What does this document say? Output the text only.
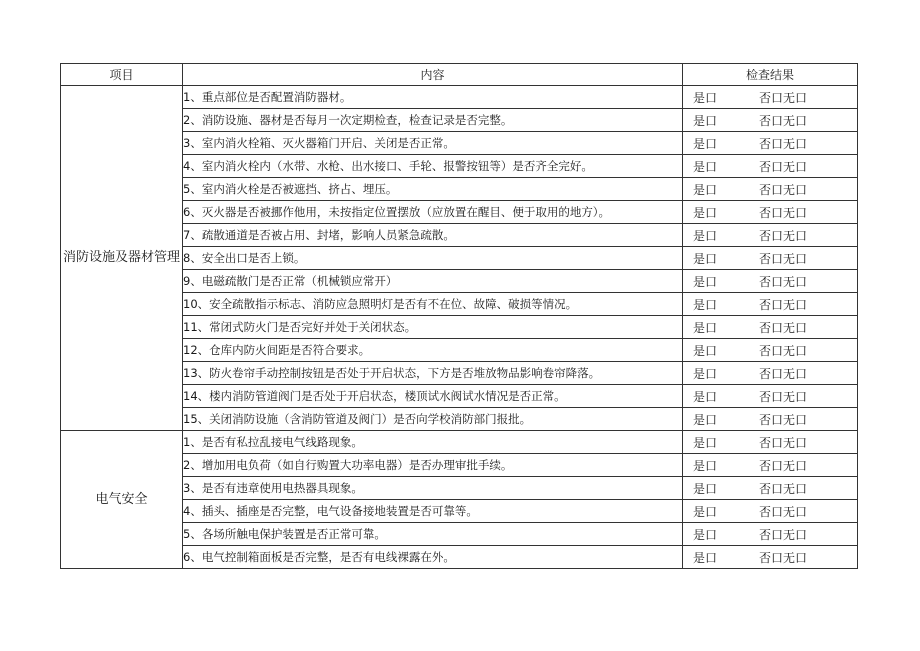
项目	内容	检查结果
消防设施及器材管理	1、重点部位是否配置消防器材。	是口 否口无口
	2、消防设施、器材是否每月一次定期检查，检查记录是否完整。	是口 否口无口
	3、室内消火栓箱、灭火器箱门开启、关闭是否正常。	是口 否口无口
	4、室内消火栓内（水带、水枪、出水接口、手轮、报警按钮等）是否齐全完好。	是口 否口无口
	5、室内消火栓是否被遮挡、挤占、埋压。	是口 否口无口
	6、灭火器是否被挪作他用，未按指定位置摆放（应放置在醒目、便于取用的地方）。	是口 否口无口
	7、疏散通道是否被占用、封堵，影响人员紧急疏散。	是口 否口无口
	8、安全出口是否上锁。	是口 否口无口
	9、电磁疏散门是否正常（机械锁应常开）	是口 否口无口
	10、安全疏散指示标志、消防应急照明灯是否有不在位、故障、破损等情况。	是口 否口无口
	11、常闭式防火门是否完好并处于关闭状态。	是口 否口无口
	12、仓库内防火间距是否符合要求。	是口 否口无口
	13、防火卷帘手动控制按钮是否处于开启状态，下方是否堆放物品影响卷帘降落。	是口 否口无口
	14、楼内消防管道阀门是否处于开启状态，楼顶试水阀试水情况是否正常。	是口 否口无口
	15、关闭消防设施（含消防管道及阀门）是否向学校消防部门报批。	是口 否口无口
电气安全	1、是否有私拉乱接电气线路现象。	是口 否口无口
	2、增加用电负荷（如自行购置大功率电器）是否办理审批手续。	是口 否口无口
	3、是否有违章使用电热器具现象。	是口 否口无口
	4、插头、插座是否完整，电气设备接地装置是否可靠等。	是口 否口无口
	5、各场所触电保护装置是否正常可靠。	是口 否口无口
	6、电气控制箱面板是否完整，是否有电线裸露在外。	是口 否口无口
